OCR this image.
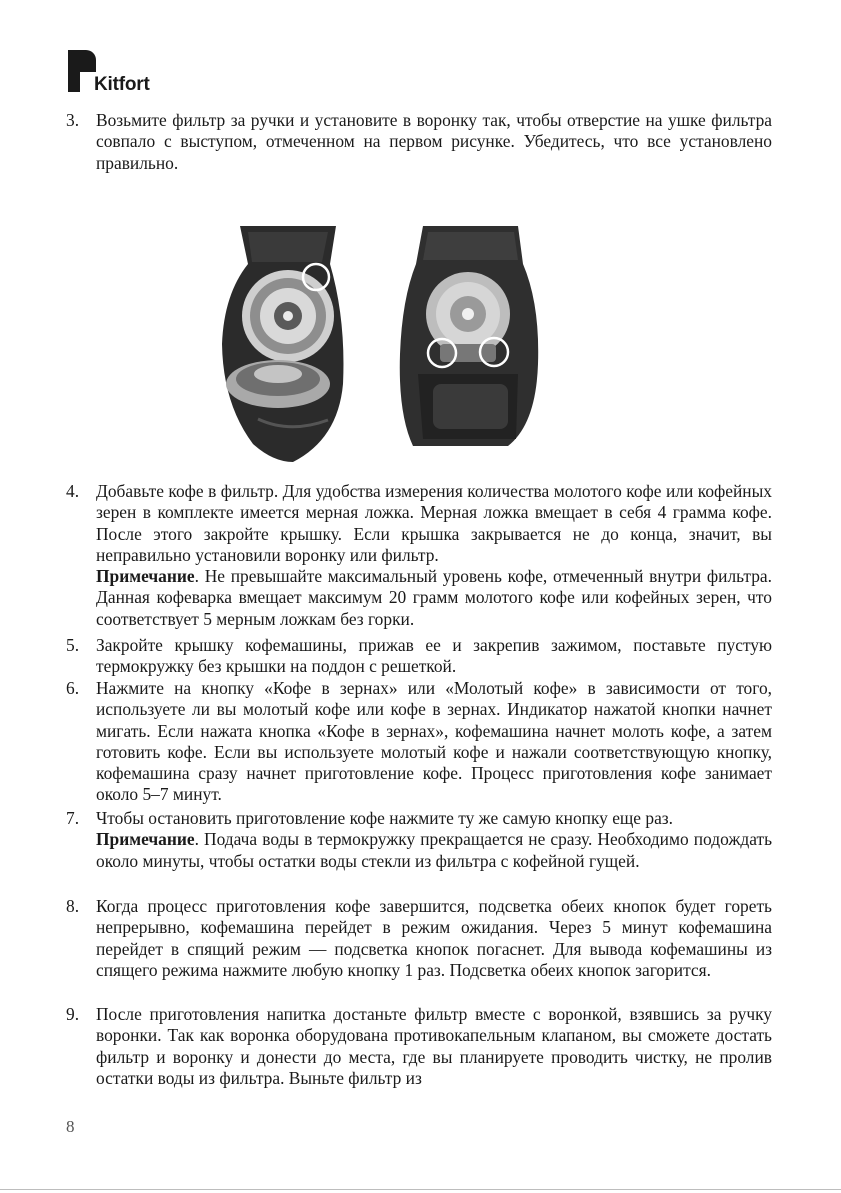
Kitfort
3. Возьмите фильтр за ручки и установите в воронку так, чтобы отверстие на ушке фильтра совпало с выступом, отмеченном на первом рисунке. Убедитесь, что все установлено правильно.

4. Добавьте кофе в фильтр. Для удобства измерения количества молотого кофе или кофейных зерен в комплекте имеется мерная ложка. Мерная ложка вмещает в себя 4 грамма кофе. После этого закройте крышку. Если крышка закрывается не до конца, значит, вы неправильно установили воронку или фильтр.

Примечание. Не превышайте максимальный уровень кофе, отмеченный внутри фильтра. Данная кофеварка вмещает максимум 20 грамм молотого кофе или кофейных зерен, что соответствует 5 мерным ложкам без горки.

5. Закройте крышку кофемашины, прижав ее и закрепив зажимом, поставьте пустую термокружку без крышки на поддон с решеткой.

6. Нажмите на кнопку «Кофе в зернах» или «Молотый кофе» в зависимости от того, используете ли вы молотый кофе или кофе в зернах. Индикатор нажатой кнопки начнет мигать. Если нажата кнопка «Кофе в зернах», кофемашина начнет молоть кофе, а затем готовить кофе. Если вы используете молотый кофе и нажали соответствующую кнопку, кофемашина сразу начнет приготовление кофе. Процесс приготовления кофе занимает около 5–7 минут.

7. Чтобы остановить приготовление кофе нажмите ту же самую кнопку еще раз.

Примечание. Подача воды в термокружку прекращается не сразу. Необходимо подождать около минуты, чтобы остатки воды стекли из фильтра с кофейной гущей.

8. Когда процесс приготовления кофе завершится, подсветка обеих кнопок будет гореть непрерывно, кофемашина перейдет в режим ожидания. Через 5 минут кофемашина перейдет в спящий режим — подсветка кнопок погаснет. Для вывода кофемашины из спящего режима нажмите любую кнопку 1 раз. Подсветка обеих кнопок загорится.

9. После приготовления напитка достаньте фильтр вместе с воронкой, взявшись за ручку воронки. Так как воронка оборудована противокапельным клапаном, вы сможете достать фильтр и воронку и донести до места, где вы планируете проводить чистку, не пролив остатки воды из фильтра. Выньте фильтр из

8
